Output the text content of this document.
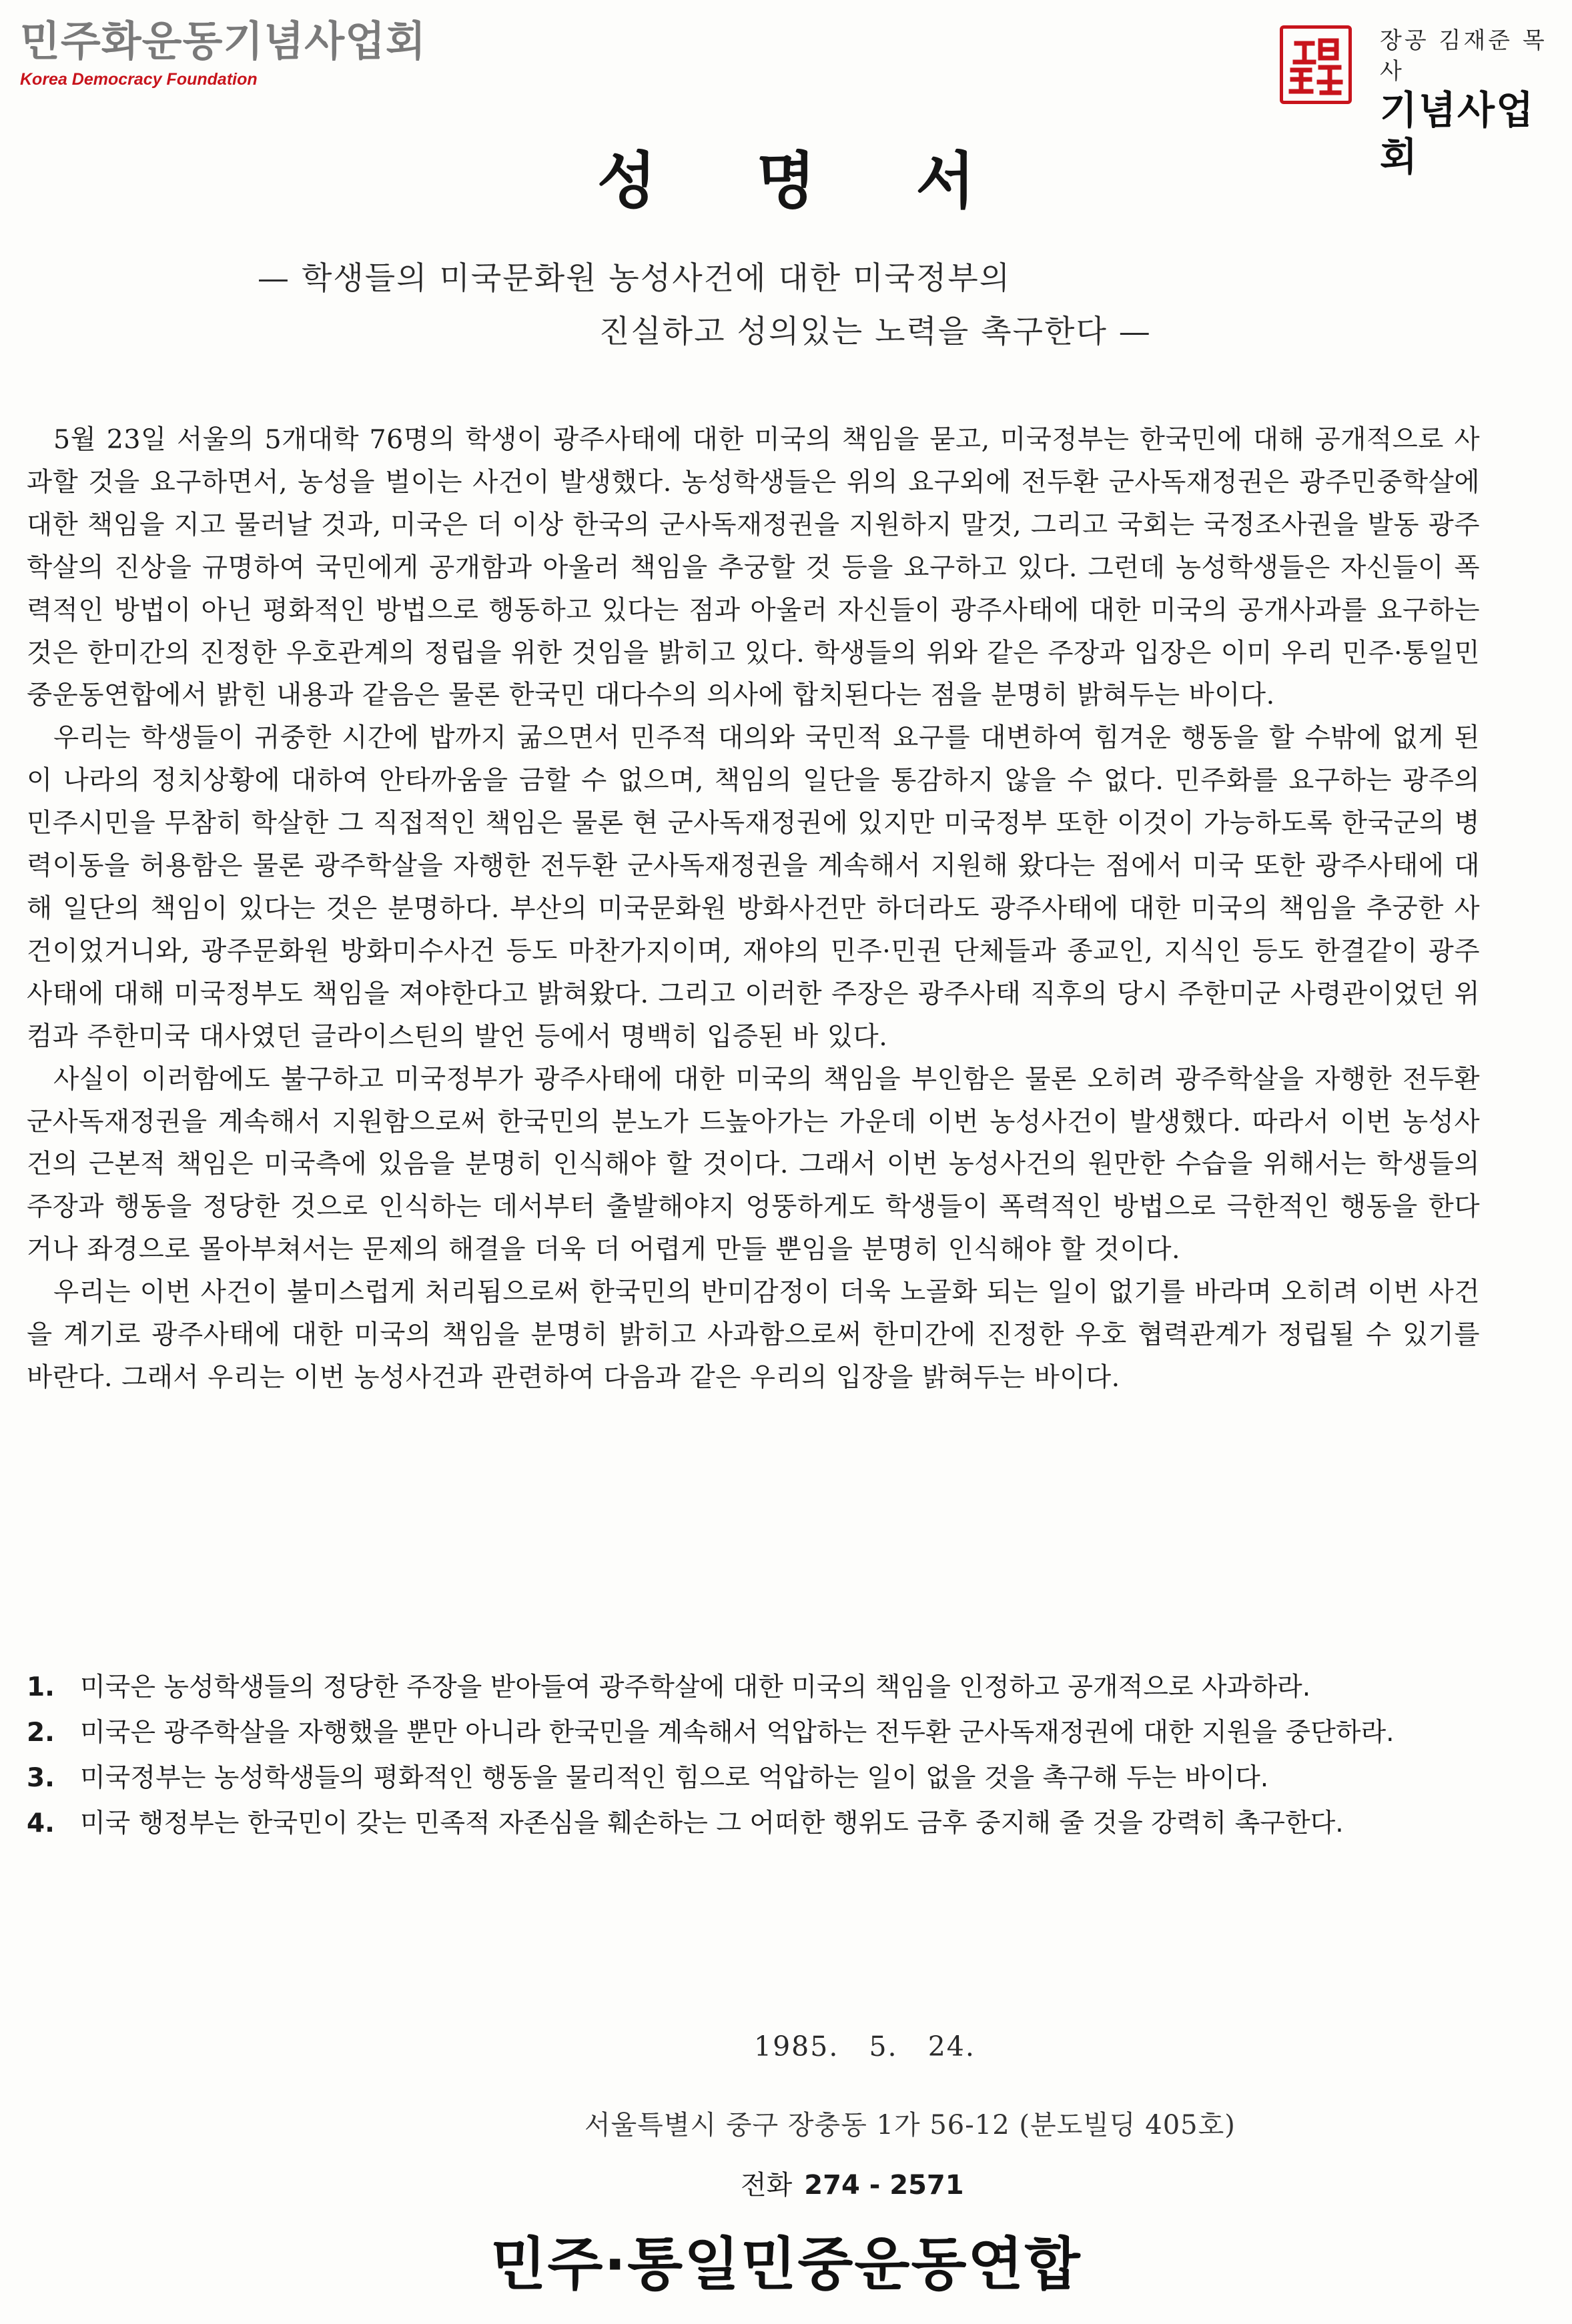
민주화운동기념사업회
Korea Democracy Foundation
장공 김재준 목사
기념사업회
성명서
— 학생들의 미국문화원 농성사건에 대한 미국정부의
진실하고 성의있는 노력을 촉구한다 —

5월 23일 서울의 5개대학 76명의 학생이 광주사태에 대한 미국의 책임을 묻고, 미국정부는 한국민에 대해 공개적으로 사과할 것을 요구하면서, 농성을 벌이는 사건이 발생했다. 농성학생들은 위의 요구외에 전두환 군사독재정권은 광주민중학살에 대한 책임을 지고 물러날 것과, 미국은 더 이상 한국의 군사독재정권을 지원하지 말것, 그리고 국회는 국정조사권을 발동 광주학살의 진상을 규명하여 국민에게 공개함과 아울러 책임을 추궁할 것 등을 요구하고 있다. 그런데 농성학생들은 자신들이 폭력적인 방법이 아닌 평화적인 방법으로 행동하고 있다는 점과 아울러 자신들이 광주사태에 대한 미국의 공개사과를 요구하는 것은 한미간의 진정한 우호관계의 정립을 위한 것임을 밝히고 있다. 학생들의 위와 같은 주장과 입장은 이미 우리 민주·통일민중운동연합에서 밝힌 내용과 같음은 물론 한국민 대다수의 의사에 합치된다는 점을 분명히 밝혀두는 바이다.

우리는 학생들이 귀중한 시간에 밥까지 굶으면서 민주적 대의와 국민적 요구를 대변하여 힘겨운 행동을 할 수밖에 없게 된 이 나라의 정치상황에 대하여 안타까움을 금할 수 없으며, 책임의 일단을 통감하지 않을 수 없다. 민주화를 요구하는 광주의 민주시민을 무참히 학살한 그 직접적인 책임은 물론 현 군사독재정권에 있지만 미국정부 또한 이것이 가능하도록 한국군의 병력이동을 허용함은 물론 광주학살을 자행한 전두환 군사독재정권을 계속해서 지원해 왔다는 점에서 미국 또한 광주사태에 대해 일단의 책임이 있다는 것은 분명하다. 부산의 미국문화원 방화사건만 하더라도 광주사태에 대한 미국의 책임을 추궁한 사건이었거니와, 광주문화원 방화미수사건 등도 마찬가지이며, 재야의 민주·민권 단체들과 종교인, 지식인 등도 한결같이 광주사태에 대해 미국정부도 책임을 져야한다고 밝혀왔다. 그리고 이러한 주장은 광주사태 직후의 당시 주한미군 사령관이었던 위컴과 주한미국 대사였던 글라이스틴의 발언 등에서 명백히 입증된 바 있다.

사실이 이러함에도 불구하고 미국정부가 광주사태에 대한 미국의 책임을 부인함은 물론 오히려 광주학살을 자행한 전두환 군사독재정권을 계속해서 지원함으로써 한국민의 분노가 드높아가는 가운데 이번 농성사건이 발생했다. 따라서 이번 농성사건의 근본적 책임은 미국측에 있음을 분명히 인식해야 할 것이다. 그래서 이번 농성사건의 원만한 수습을 위해서는 학생들의 주장과 행동을 정당한 것으로 인식하는 데서부터 출발해야지 엉뚱하게도 학생들이 폭력적인 방법으로 극한적인 행동을 한다거나 좌경으로 몰아부쳐서는 문제의 해결을 더욱 더 어렵게 만들 뿐임을 분명히 인식해야 할 것이다.

우리는 이번 사건이 불미스럽게 처리됨으로써 한국민의 반미감정이 더욱 노골화 되는 일이 없기를 바라며 오히려 이번 사건을 계기로 광주사태에 대한 미국의 책임을 분명히 밝히고 사과함으로써 한미간에 진정한 우호 협력관계가 정립될 수 있기를 바란다. 그래서 우리는 이번 농성사건과 관련하여 다음과 같은 우리의 입장을 밝혀두는 바이다.

1. 미국은 농성학생들의 정당한 주장을 받아들여 광주학살에 대한 미국의 책임을 인정하고 공개적으로 사과하라.
2. 미국은 광주학살을 자행했을 뿐만 아니라 한국민을 계속해서 억압하는 전두환 군사독재정권에 대한 지원을 중단하라.
3. 미국정부는 농성학생들의 평화적인 행동을 물리적인 힘으로 억압하는 일이 없을 것을 촉구해 두는 바이다.
4. 미국 행정부는 한국민이 갖는 민족적 자존심을 훼손하는 그 어떠한 행위도 금후 중지해 줄 것을 강력히 촉구한다.
1985.   5.   24.
서울특별시 중구 장충동 1가 56-12 (분도빌딩 405호)
전화 274 - 2571
민주·통일민중운동연합
